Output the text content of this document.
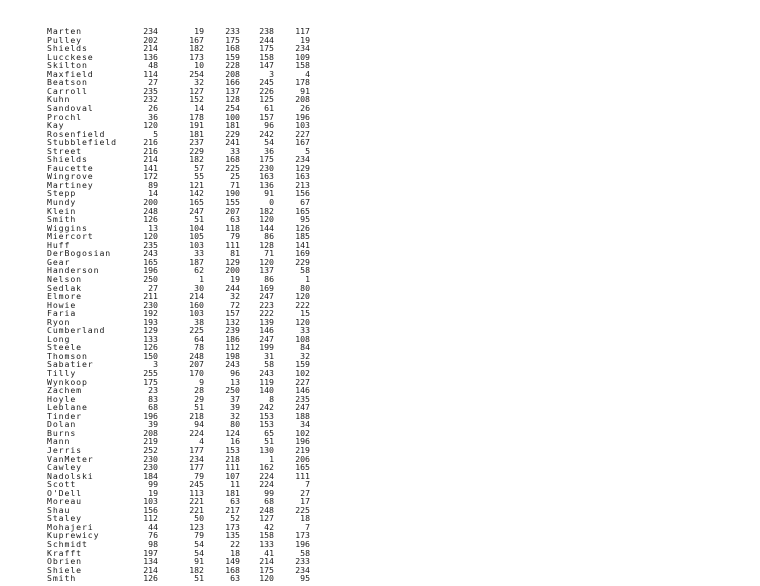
Marten	234	19	233	238	117
Pulley	202	167	175	244	19
Shields	214	182	168	175	234
Lucckese	136	173	159	158	109
Skilton	48	10	228	147	158
Maxfield	114	254	208	3	4
Beatson	27	32	166	245	178
Carroll	235	127	137	226	91
Kuhn	232	152	128	125	208
Sandoval	26	14	254	61	26
Prochl	36	178	100	157	196
Kay	120	191	181	96	103
Rosenfield	5	181	229	242	227
Stubblefield	216	237	241	54	167
Street	216	229	33	36	5
Shields	214	182	168	175	234
Faucette	141	57	225	230	129
Wingrove	172	55	25	163	163
Martiney	89	121	71	136	213
Stepp	14	142	190	91	156
Mundy	200	165	155	0	67
Klein	248	247	207	182	165
Smith	126	51	63	120	95
Wiggins	13	104	118	144	126
Miercort	120	105	79	86	185
Huff	235	103	111	128	141
DerBogosian	243	33	81	71	169
Gear	165	187	129	120	229
Handerson	196	62	200	137	58
Nelson	250	1	19	86	1
Sedlak	27	30	244	169	80
Elmore	211	214	32	247	120
Howie	230	160	72	223	222
Faria	192	103	157	222	15
Ryon	193	38	132	139	120
Cumberland	129	225	239	146	33
Long	133	64	186	247	108
Steele	126	78	112	199	84
Thomson	150	248	198	31	32
Sabatier	3	207	243	58	159
Tilly	255	170	96	243	102
Wynkoop	175	9	13	119	227
Zachem	23	28	250	140	146
Hoyle	83	29	37	8	235
Leblane	68	51	39	242	247
Tinder	196	218	32	153	188
Dolan	39	94	80	153	34
Burns	208	224	124	65	102
Mann	219	4	16	51	196
Jerris	252	177	153	130	219
VanMeter	230	234	218	1	206
Cawley	230	177	111	162	165
Nadolski	184	79	107	224	111
Scott	99	245	11	224	7
O'Dell	19	113	181	99	27
Moreau	103	221	63	68	17
Shau	156	221	217	248	225
Staley	112	50	52	127	18
Mohajeri	44	123	173	42	7
Kuprewicy	76	79	135	158	173
Schmidt	98	54	22	133	196
Krafft	197	54	18	41	58
Obrien	134	91	149	214	233
Shiele	214	182	168	175	234
Smith	126	51	63	120	95
